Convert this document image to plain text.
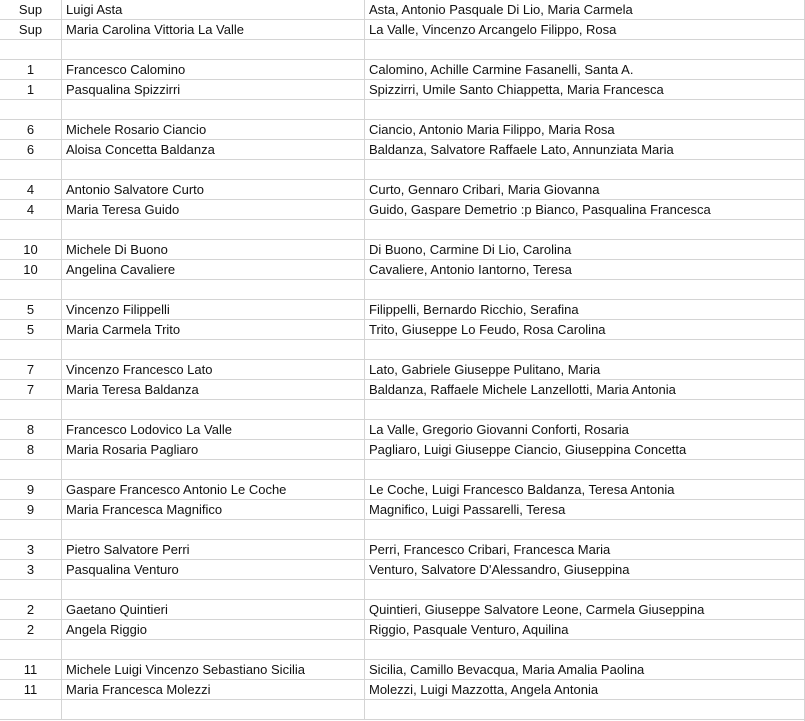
Sup	Luigi Asta	Asta, Antonio Pasquale Di Lio, Maria Carmela
Sup	Maria Carolina Vittoria La Valle	La Valle, Vincenzo Arcangelo Filippo, Rosa
1	Francesco Calomino	Calomino, Achille Carmine Fasanelli, Santa A.
1	Pasqualina Spizzirri	Spizzirri, Umile Santo Chiappetta, Maria Francesca
6	Michele Rosario Ciancio	Ciancio, Antonio Maria Filippo, Maria Rosa
6	Aloisa Concetta Baldanza	Baldanza, Salvatore Raffaele Lato, Annunziata Maria
4	Antonio Salvatore Curto	Curto, Gennaro Cribari, Maria Giovanna
4	Maria Teresa Guido	Guido, Gaspare Demetrio :p Bianco, Pasqualina Francesca
10	Michele Di Buono	Di Buono, Carmine Di Lio, Carolina
10	Angelina Cavaliere	Cavaliere, Antonio Iantorno, Teresa
5	Vincenzo Filippelli	Filippelli, Bernardo Ricchio, Serafina
5	Maria Carmela Trito	Trito, Giuseppe Lo Feudo, Rosa Carolina
7	Vincenzo Francesco Lato	Lato, Gabriele Giuseppe Pulitano, Maria
7	Maria Teresa Baldanza	Baldanza, Raffaele Michele Lanzellotti, Maria Antonia
8	Francesco Lodovico La Valle	La Valle, Gregorio Giovanni Conforti, Rosaria
8	Maria Rosaria Pagliaro	Pagliaro, Luigi Giuseppe Ciancio, Giuseppina Concetta
9	Gaspare Francesco Antonio Le Coche	Le Coche, Luigi Francesco Baldanza, Teresa Antonia
9	Maria Francesca Magnifico	Magnifico, Luigi Passarelli, Teresa
3	Pietro Salvatore Perri	Perri, Francesco Cribari, Francesca Maria
3	Pasqualina Venturo	Venturo, Salvatore D'Alessandro, Giuseppina
2	Gaetano Quintieri	Quintieri, Giuseppe Salvatore Leone, Carmela Giuseppina
2	Angela Riggio	Riggio, Pasquale Venturo, Aquilina
11	Michele Luigi Vincenzo Sebastiano Sicilia	Sicilia, Camillo Bevacqua, Maria Amalia Paolina
11	Maria Francesca Molezzi	Molezzi, Luigi Mazzotta, Angela Antonia
